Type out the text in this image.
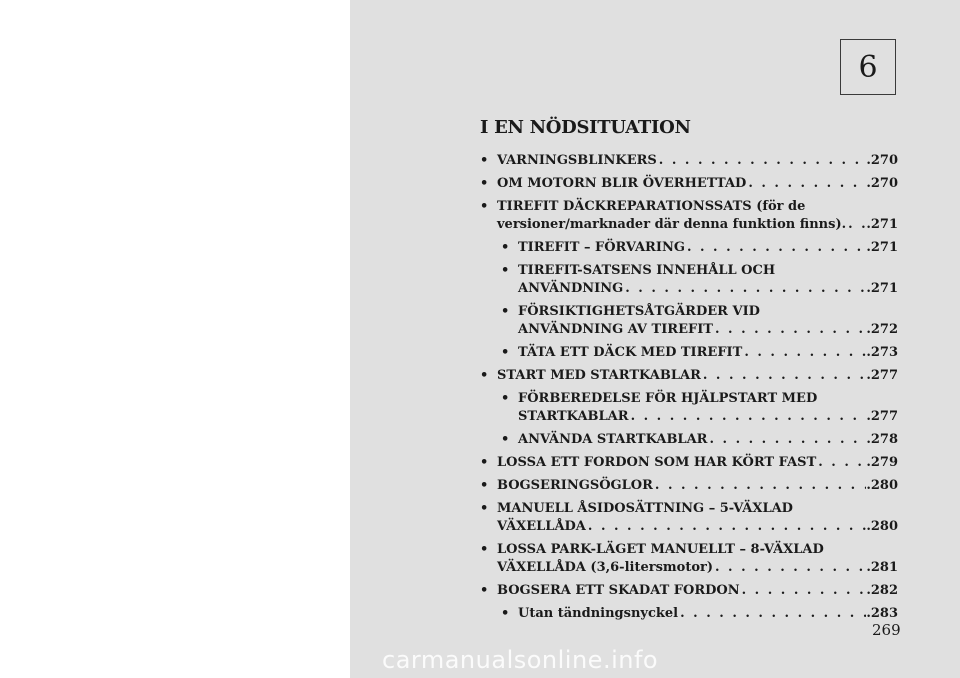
6
I EN NÖDSITUATION
• VARNINGSBLINKERS . . .	.270
• OM MOTORN BLIR ÖVERHETTAD . . .	.270
• TIREFIT DÄCKREPARATIONSSATS (för de
versioner/marknader där denna funktion finns). . . . .271
• TIREFIT – FÖRVARING . . .	.271
• TIREFIT-SATSENS INNEHÅLL OCH
ANVÄNDNING . . .	.271
• FÖRSIKTIGHETSÅTGÄRDER VID
ANVÄNDNING AV TIREFIT . . .	.272
• TÄTA ETT DÄCK MED TIREFIT . . .	.273
• START MED STARTKABLAR . . .	.277
• FÖRBEREDELSE FÖR HJÄLPSTART MED
STARTKABLAR . . .	.277
• ANVÄNDA STARTKABLAR . . .	.278
• LOSSA ETT FORDON SOM HAR KÖRT FAST . . .	.279
• BOGSERINGSÖGLOR . . .	.280
• MANUELL ÅSIDOSÄTTNING – 5-VÄXLAD
VÄXELLÅDA . . .	.280
• LOSSA PARK-LÄGET MANUELLT – 8-VÄXLAD
VÄXELLÅDA (3,6-litersmotor) . . .	.281
• BOGSERA ETT SKADAT FORDON . . .	.282
• Utan tändningsnyckel . . .	.283
269
carmanualsonline.info
